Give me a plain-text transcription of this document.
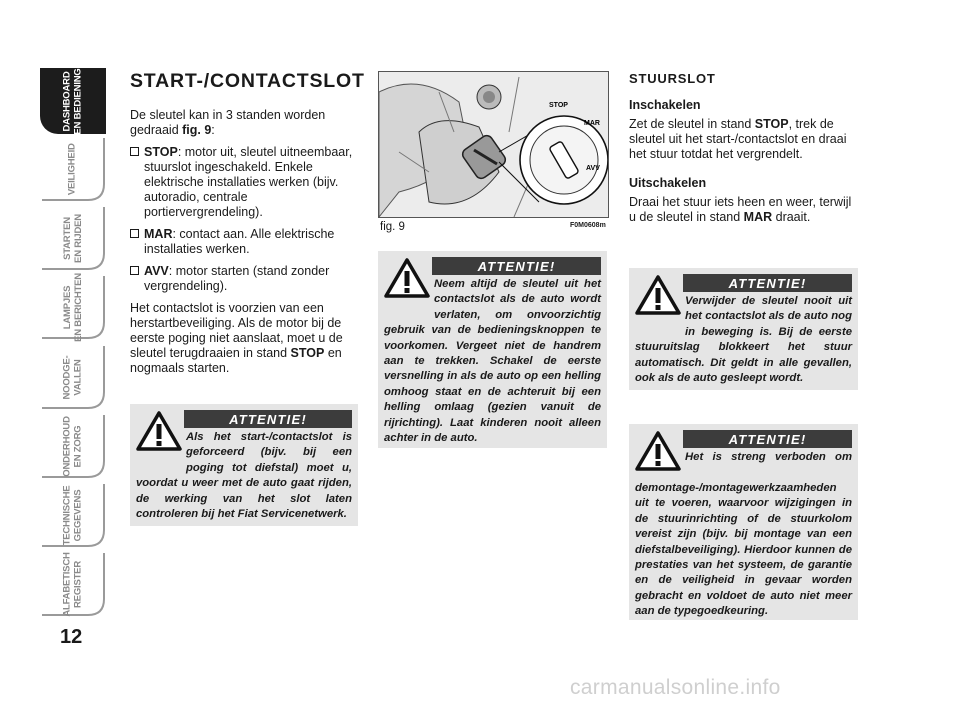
DASHBOARD
EN BEDIENING
VEILIGHEID
STARTEN
EN RIJDEN
LAMPJES
EN BERICHTEN
NOODGE-
VALLEN
ONDERHOUD
EN ZORG
TECHNISCHE
GEGEVENS
ALFABETISCH
REGISTER
12
START-/CONTACTSLOT

De sleutel kan in 3 standen worden gedraaid fig. 9:

STOP: motor uit, sleutel uitneembaar, stuurslot ingeschakeld. Enkele elektrische installaties werken (bijv. autoradio, centrale portiervergrendeling).
MAR: contact aan. Alle elektrische installaties werken.
AVV: motor starten (stand zonder vergrendeling).

Het contactslot is voorzien van een herstartbeveiliging. Als de motor bij de eerste poging niet aanslaat, moet u de sleutel terugdraaien in stand STOP en nogmaals starten.

ATTENTIE!
Als het start-/contactslot is geforceerd (bijv. bij een poging tot diefstal) moet u, voordat u weer met de auto gaat rijden, de werking van het slot laten controleren bij het Fiat Servicenetwerk.
STOP
MAR
AVV
fig. 9	F0M0608m
ATTENTIE!
Neem altijd de sleutel uit het contactslot als de auto wordt verlaten, om onvoorzichtig gebruik van de bedieningsknoppen te voorkomen. Vergeet niet de handrem aan te trekken. Schakel de eerste versnelling in als de auto op een helling omhoog staat en de achteruit bij een helling omlaag (gezien vanuit de rijrichting). Laat kinderen nooit alleen achter in de auto.
STUURSLOT
Inschakelen

Zet de sleutel in stand STOP, trek de sleutel uit het start-/contactslot en draai het stuur totdat het vergrendelt.

Uitschakelen

Draai het stuur iets heen en weer, terwijl u de sleutel in stand MAR draait.

ATTENTIE!
Verwijder de sleutel nooit uit het contactslot als de auto nog in beweging is. Bij de eerste stuuruitslag blokkeert het stuur automatisch. Dit geldt in alle gevallen, ook als de auto gesleept wordt.
ATTENTIE!
Het is streng verboden om demontage-/montagewerkzaamheden uit te voeren, waarvoor wijzigingen in de stuurinrichting of de stuurkolom vereist zijn (bijv. bij montage van een diefstalbeveiliging). Hierdoor kunnen de prestaties van het systeem, de garantie en de veiligheid in gevaar worden gebracht en voldoet de auto niet meer aan de typegoedkeuring.
carmanualsonline.info
